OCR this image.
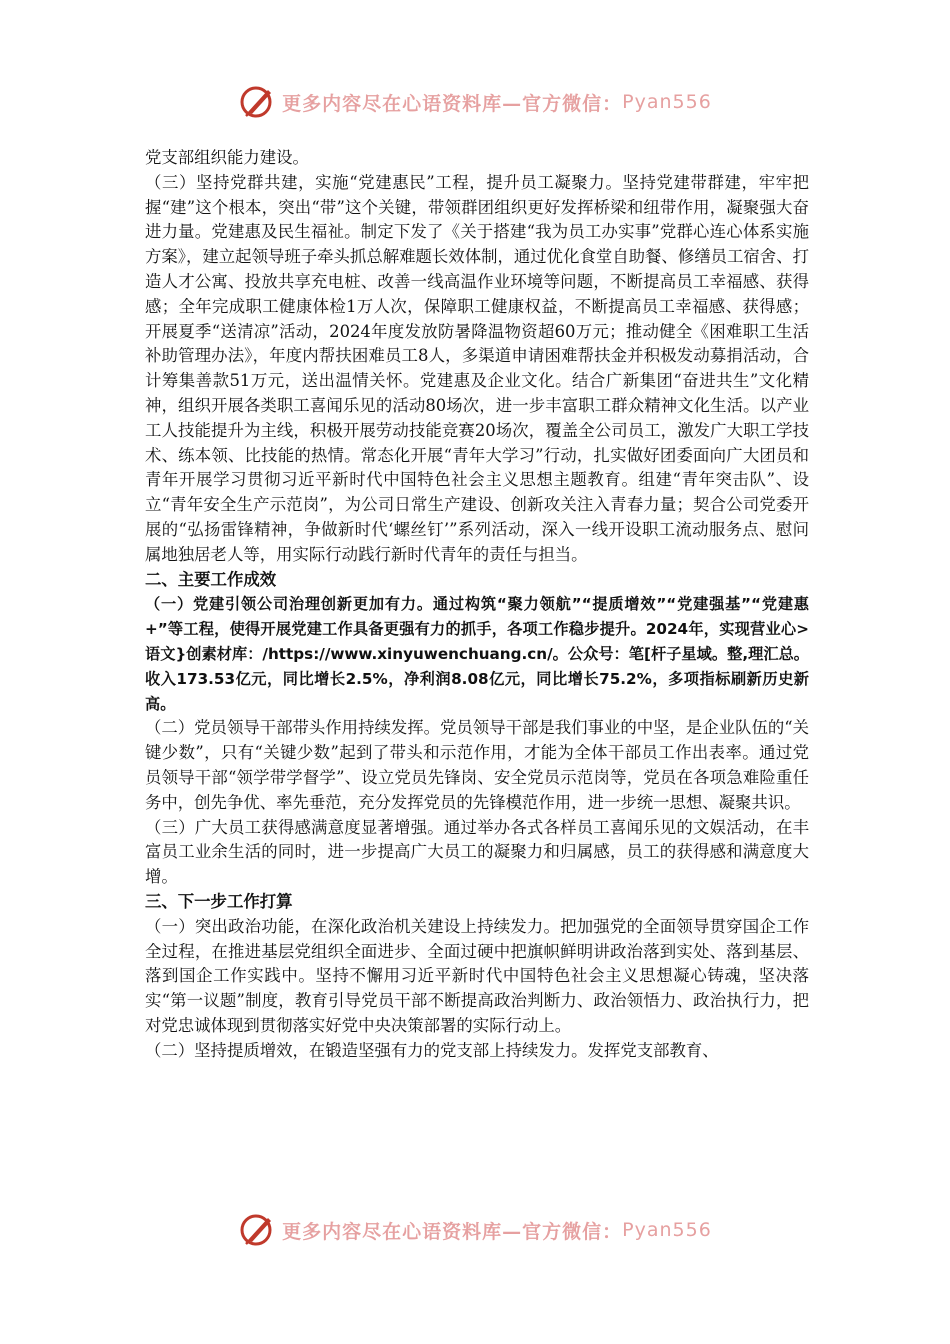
更多内容尽在心语资料库—官方微信： Pyan556

党支部组织能力建设。

（三）坚持党群共建，实施“党建惠民”工程，提升员工凝聚力。坚持党建带群建，牢牢把握“建”这个根本，突出“带”这个关键，带领群团组织更好发挥桥梁和纽带作用，凝聚强大奋进力量。党建惠及民生福祉。制定下发了《关于搭建“我为员工办实事”党群心连心体系实施方案》，建立起领导班子牵头抓总解难题长效体制，通过优化食堂自助餐、修缮员工宿舍、打造人才公寓、投放共享充电桩、改善一线高温作业环境等问题，不断提高员工幸福感、获得感；全年完成职工健康体检1万人次，保障职工健康权益，不断提高员工幸福感、获得感；开展夏季“送清凉”活动，2024年度发放防暑降温物资超60万元；推动健全《困难职工生活补助管理办法》，年度内帮扶困难员工8人，多渠道申请困难帮扶金并积极发动募捐活动，合计筹集善款51万元，送出温情关怀。党建惠及企业文化。结合广新集团“奋进共生”文化精神，组织开展各类职工喜闻乐见的活动80场次，进一步丰富职工群众精神文化生活。以产业工人技能提升为主线，积极开展劳动技能竞赛20场次，覆盖全公司员工，激发广大职工学技术、练本领、比技能的热情。常态化开展“青年大学习”行动，扎实做好团委面向广大团员和青年开展学习贯彻习近平新时代中国特色社会主义思想主题教育。组建“青年突击队”、设立“青年安全生产示范岗”，为公司日常生产建设、创新攻关注入青春力量；契合公司党委开展的“弘扬雷锋精神，争做新时代‘螺丝钉’”系列活动，深入一线开设职工流动服务点、慰问属地独居老人等，用实际行动践行新时代青年的责任与担当。

二、主要工作成效

（一）党建引领公司治理创新更加有力。通过构筑“聚力领航”“提质增效”“党建强基”“党建惠+”等工程，使得开展党建工作具备更强有力的抓手，各项工作稳步提升。2024年，实现营业心>语文}创素材库：/https://www.xinyuwenchuang.cn/。公众号：笔[杆子星域。整,理汇总。收入173.53亿元，同比增长2.5%，净利润8.08亿元，同比增长75.2%，多项指标刷新历史新高。

（二）党员领导干部带头作用持续发挥。党员领导干部是我们事业的中坚，是企业队伍的“关键少数”，只有“关键少数”起到了带头和示范作用，才能为全体干部员工作出表率。通过党员领导干部“领学带学督学”、设立党员先锋岗、安全党员示范岗等，党员在各项急难险重任务中，创先争优、率先垂范，充分发挥党员的先锋模范作用，进一步统一思想、凝聚共识。

（三）广大员工获得感满意度显著增强。通过举办各式各样员工喜闻乐见的文娱活动，在丰富员工业余生活的同时，进一步提高广大员工的凝聚力和归属感，员工的获得感和满意度大增。

三、下一步工作打算

（一）突出政治功能，在深化政治机关建设上持续发力。把加强党的全面领导贯穿国企工作全过程，在推进基层党组织全面进步、全面过硬中把旗帜鲜明讲政治落到实处、落到基层、落到国企工作实践中。坚持不懈用习近平新时代中国特色社会主义思想凝心铸魂，坚决落实“第一议题”制度，教育引导党员干部不断提高政治判断力、政治领悟力、政治执行力，把对党忠诚体现到贯彻落实好党中央决策部署的实际行动上。

（二）坚持提质增效，在锻造坚强有力的党支部上持续发力。发挥党支部教育、

更多内容尽在心语资料库—官方微信： Pyan556
